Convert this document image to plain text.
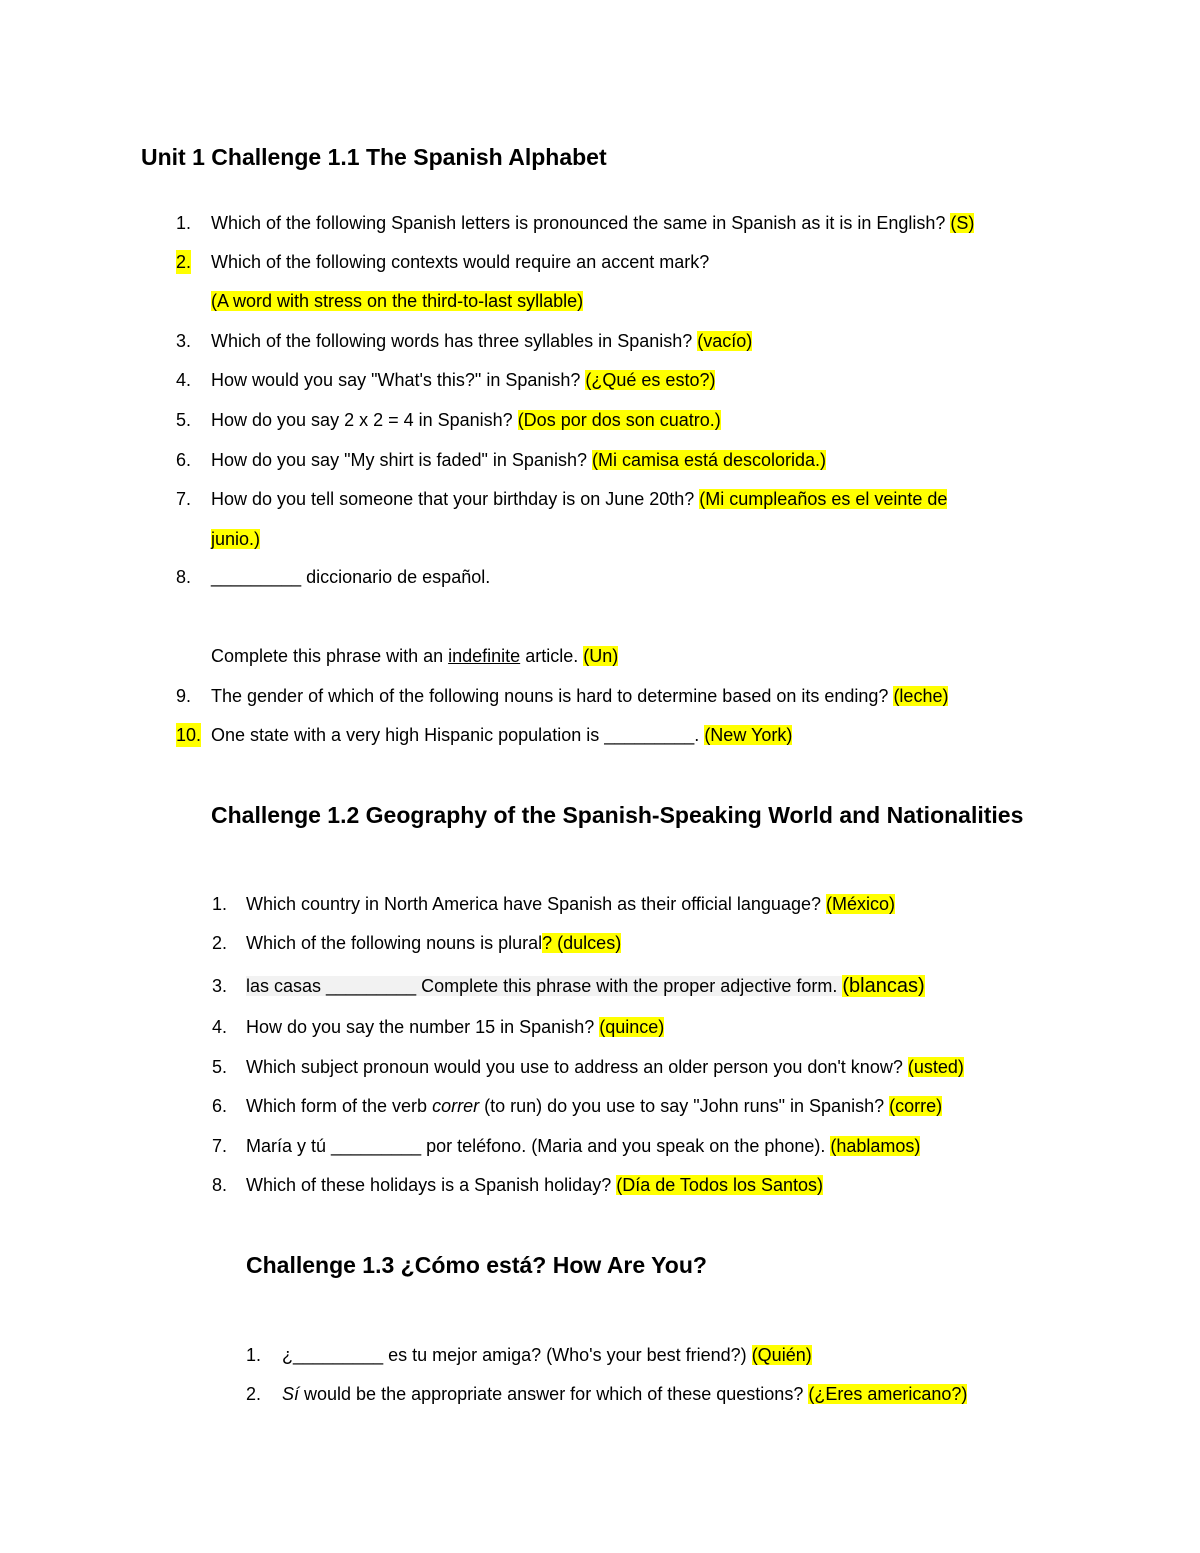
Unit 1 Challenge 1.1 The Spanish Alphabet
1. Which of the following Spanish letters is pronounced the same in Spanish as it is in English? (S)
2. Which of the following contexts would require an accent mark?
(A word with stress on the third-to-last syllable)
3. Which of the following words has three syllables in Spanish? (vacío)
4. How would you say "What's this?" in Spanish? (¿Qué es esto?)
5. How do you say 2 x 2 = 4 in Spanish? (Dos por dos son cuatro.)
6. How do you say "My shirt is faded" in Spanish? (Mi camisa está descolorida.)
7. How do you tell someone that your birthday is on June 20th? (Mi cumpleaños es el veinte de
junio.)
8. _________ diccionario de español.
Complete this phrase with an indefinite article. (Un)
9. The gender of which of the following nouns is hard to determine based on its ending? (leche)
10. One state with a very high Hispanic population is _________. (New York)
Challenge 1.2 Geography of the Spanish-Speaking World and Nationalities
1. Which country in North America have Spanish as their official language? (México)
2. Which of the following nouns is plural? (dulces)
3. las casas _________ Complete this phrase with the proper adjective form. (blancas)
4. How do you say the number 15 in Spanish? (quince)
5. Which subject pronoun would you use to address an older person you don't know? (usted)
6. Which form of the verb correr (to run) do you use to say "John runs" in Spanish? (corre)
7. María y tú _________ por teléfono. (Maria and you speak on the phone). (hablamos)
8. Which of these holidays is a Spanish holiday? (Día de Todos los Santos)
Challenge 1.3 ¿Cómo está? How Are You?
1. ¿_________ es tu mejor amiga? (Who's your best friend?) (Quién)
2. Sí would be the appropriate answer for which of these questions? (¿Eres americano?)
